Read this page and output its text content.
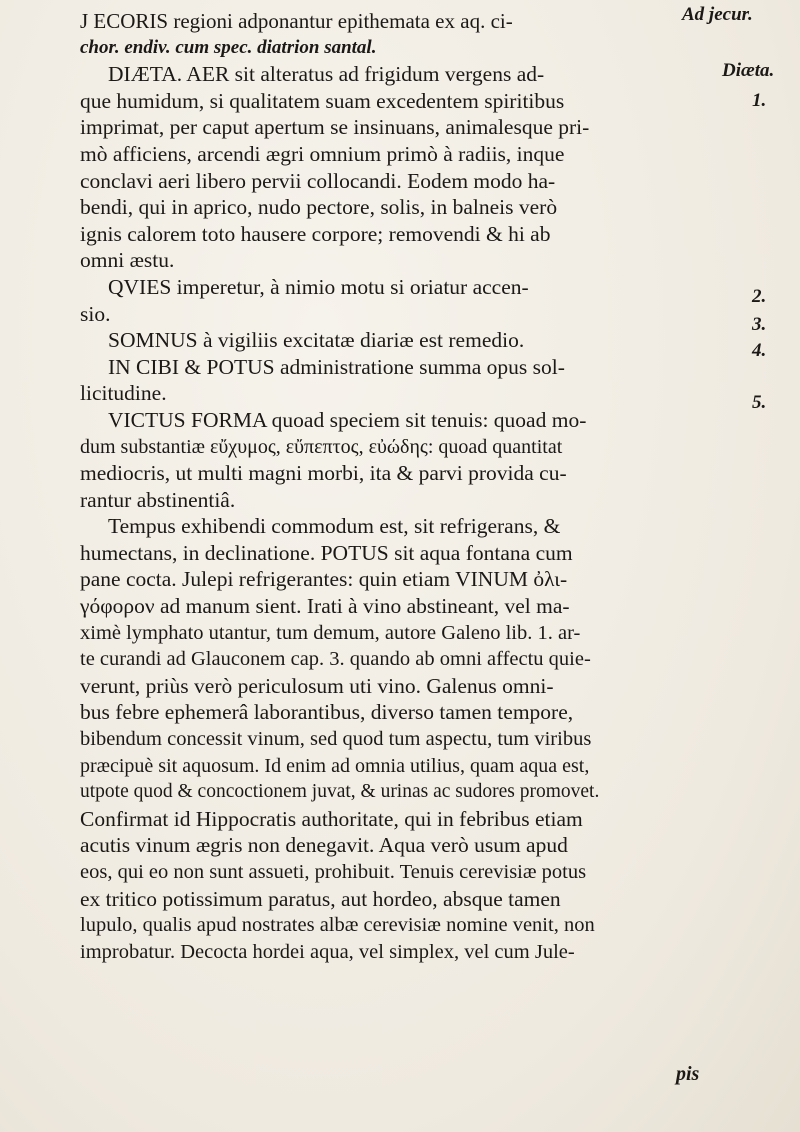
J ECORIS regioni adponantur epithemata ex aq. ci-
chor. endiv. cum spec. diatrion santal.
DIÆTA. AER sit alteratus ad frigidum vergens ad-
que humidum, si qualitatem suam excedentem spiritibus
imprimat, per caput apertum se insinuans, animalesque pri-
mò afficiens, arcendi ægri omnium primò à radiis, inque
conclavi aeri libero pervii collocandi. Eodem modo ha-
bendi, qui in aprico, nudo pectore, solis, in balneis verò
ignis calorem toto hausere corpore; removendi & hi ab
omni æstu.
QVIES imperetur, à nimio motu si oriatur accen-
sio.
SOMNUS à vigiliis excitatæ diariæ est remedio.
IN CIBI & POTUS administratione summa opus sol-
licitudine.
VICTUS FORMA quoad speciem sit tenuis: quoad mo-
dum substantiæ εὔχυμος, εὔπεπτος, εὐώδης: quoad quantitat
mediocris, ut multi magni morbi, ita & parvi provida cu-
rantur abstinentiâ.
Tempus exhibendi commodum est, sit refrigerans, &
humectans, in declinatione. POTUS sit aqua fontana cum
pane cocta. Julepi refrigerantes: quin etiam VINUM ὀλι-
γόφορον ad manum sient. Irati à vino abstineant, vel ma-
ximè lymphato utantur, tum demum, autore Galeno lib. 1. ar-
te curandi ad Glauconem cap. 3. quando ab omni affectu quie-
verunt, priùs verò periculosum uti vino. Galenus omni-
bus febre ephemerâ laborantibus, diverso tamen tempore,
bibendum concessit vinum, sed quod tum aspectu, tum viribus
præcipuè sit aquosum. Id enim ad omnia utilius, quam aqua est,
utpote quod & concoctionem juvat, & urinas ac sudores promovet.
Confirmat id Hippocratis authoritate, qui in febribus etiam
acutis vinum ægris non denegavit. Aqua verò usum apud
eos, qui eo non sunt assueti, prohibuit. Tenuis cerevisiæ potus
ex tritico potissimum paratus, aut hordeo, absque tamen
lupulo, qualis apud nostrates albæ cerevisiæ nomine venit, non
improbatur. Decocta hordei aqua, vel simplex, vel cum Jule-
Ad jecur.
Diæta.
1.
2.
3.
4.
5.
pis
